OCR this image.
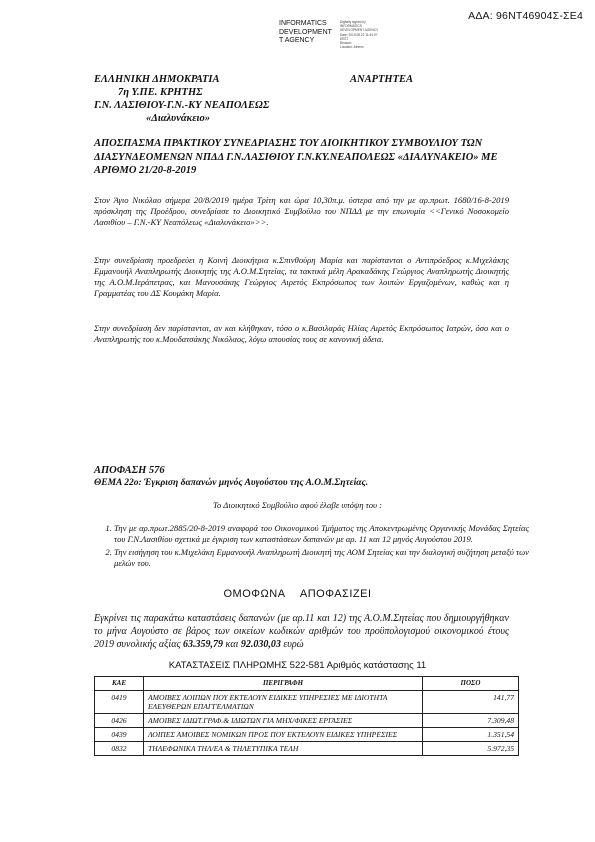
ΑΔΑ: 96ΝΤ46904Σ-ΣΕ4
INFORMATICS
DEVELOPMENT
T AGENCY
Digitally signed by
INFORMATICS
DEVELOPMENT AGENCY
Date: 2019.08.22 11:44:07
EEST
Reason:
Location: Athens
ΕΛΛΗΝΙΚΗ ΔΗΜΟΚΡΑΤΙΑ	ΑΝΑΡΤΗΤΕΑ
7η Υ.ΠΕ. ΚΡΗΤΗΣ
Γ.Ν. ΛΑΣΙΘΙΟΥ-Γ.Ν.-ΚΥ ΝΕΑΠΟΛΕΩΣ
«Διαλυνάκειο»
ΑΠΟΣΠΑΣΜΑ ΠΡΑΚΤΙΚΟΥ ΣΥΝΕΔΡΙΑΣΗΣ ΤΟΥ ΔΙΟΙΚΗΤΙΚΟΥ ΣΥΜΒΟΥΛΙΟΥ ΤΩΝ ΔΙΑΣΥΝΔΕΟΜΕΝΩΝ ΝΠΔΔ Γ.Ν.ΛΑΣΙΘΙΟΥ Γ.Ν.ΚΥ.ΝΕΑΠΟΛΕΩΣ «ΔΙΑΛΥΝΑΚΕΙΟ» ΜΕ ΑΡΙΘΜΟ 21/20-8-2019
Στον Άγιο Νικόλαο σήμερα 20/8/2019 ημέρα Τρίτη και ώρα 10,30π.μ. ύστερα από την με αρ.πρωτ. 1680/16-8-2019 πρόσκληση της Προέδρου, συνεδρίασε το Διοικητικό Συμβούλιο του ΝΠΔΔ με την επωνυμία <<Γενικό Νοσοκομείο Λασιθίου – Γ.Ν.-ΚΥ Νεαπόλεως «Διαλυνάκειο»>>.
Στην συνεδρίαση προεδρεύει η Κοινή Διοικήτρια κ.Σπινθούρη Μαρία και παρίστανται ο Αντιπρόεδρος κ.Μιχελάκης Εμμανουήλ Αναπληρωτής Διοικητής της Α.Ο.Μ.Σητείας, τα τακτικά μέλη Αρακαδάκης Γεώργιος Αναπληρωτής Διοικητής της Α.Ο.Μ.Ιεράπετρας, και Μανουσάκης Γεώργιος Αιρετός Εκπρόσωπος των λοιπών Εργαζομένων, καθώς και η Γραμματέας του ΔΣ Κουμάκη Μαρία.
Στην συνεδρίαση δεν παρίστανται, αν και κλήθηκαν, τόσο ο κ.Βασιλαράς Ηλίας Αιρετός Εκπρόσωπος Ιατρών, όσο και ο Αναπληρωτής του κ.Μουδατσάκης Νικόλαος, λόγω απουσίας τους σε κανονική άδεια.
ΑΠΟΦΑΣΗ 576
ΘΕΜΑ 22ο: Έγκριση δαπανών μηνός Αυγούστου της Α.Ο.Μ.Σητείας.
Το Διοικητικό Συμβούλιο αφού έλαβε υπόψη του :
1. Την με αρ.πρωτ.2885/20-8-2019 αναφορά του Οικονομικού Τμήματος της Αποκεντρωμένης Οργανικής Μονάδας Σητείας του Γ.Ν.Λασιθίου σχετικά με έγκριση των καταστάσεων δαπανών με αρ. 11 και 12 μηνός Αυγούστου 2019.
2. Την εισήγηση του κ.Μιχελάκη Εμμανουήλ Αναπληρωτή Διοικητή της ΑΟΜ Σητείας και την διαλογική συζήτηση μεταξύ των μελών του.
ΟΜΟΦΩΝΑ ΑΠΟΦΑΣΙΖΕΙ
Εγκρίνει τις παρακάτω καταστάσεις δαπανών (με αρ.11 και 12) της Α.Ο.Μ.Σητείας που δημιουργήθηκαν το μήνα Αυγούστο σε βάρος των οικείων κωδικών αριθμών του προϋπολογισμού οικονομικού έτους 2019 συνολικής αξίας 63.359,79 και 92.030,03 ευρώ
ΚΑΤΑΣΤΑΣΕΙΣ ΠΛΗΡΩΜΗΣ 522-581 Αριθμός κατάστασης 11
ΚΑΕ	ΠΕΡΙΓΡΑΦΗ	ΠΟΣΟ
0419	ΑΜΟΙΒΕΣ ΛΟΙΠΩΝ ΠΟΥ ΕΚΤΕΛΟΥΝ ΕΙΔΙΚΕΣ ΥΠΗΡΕΣΙΕΣ ΜΕ ΙΔΙΟΤΗΤΑ ΕΛΕΥΘΕΡΩΝ ΕΠΑΓΓΕΛΜΑΤΙΩΝ	141,77
0426	ΑΜΟΙΒΕΣ ΙΔΙΩΤ.ΓΡΑΦ.& ΙΔΙΩΤΩΝ ΓΙΑ ΜΗΧ/ΦΙΚΕΣ ΕΡΓΑΣΙΕΣ	7.309,48
0439	ΛΟΙΠΕΣ ΑΜΟΙΒΕΣ ΝΟΜΙΚΩΝ ΠΡΟΣ ΠΟΥ ΕΚΤΕΛΟΥΝ ΕΙΔΙΚΕΣ ΥΠΗΡΕΣΙΕΣ	1.351,54
0832	ΤΗΛΕΦΩΝΙΚΑ ΤΗΛ/ΕΑ & ΤΗΛΕΤΥΠΙΚΑ ΤΕΛΗ	5.972,35
